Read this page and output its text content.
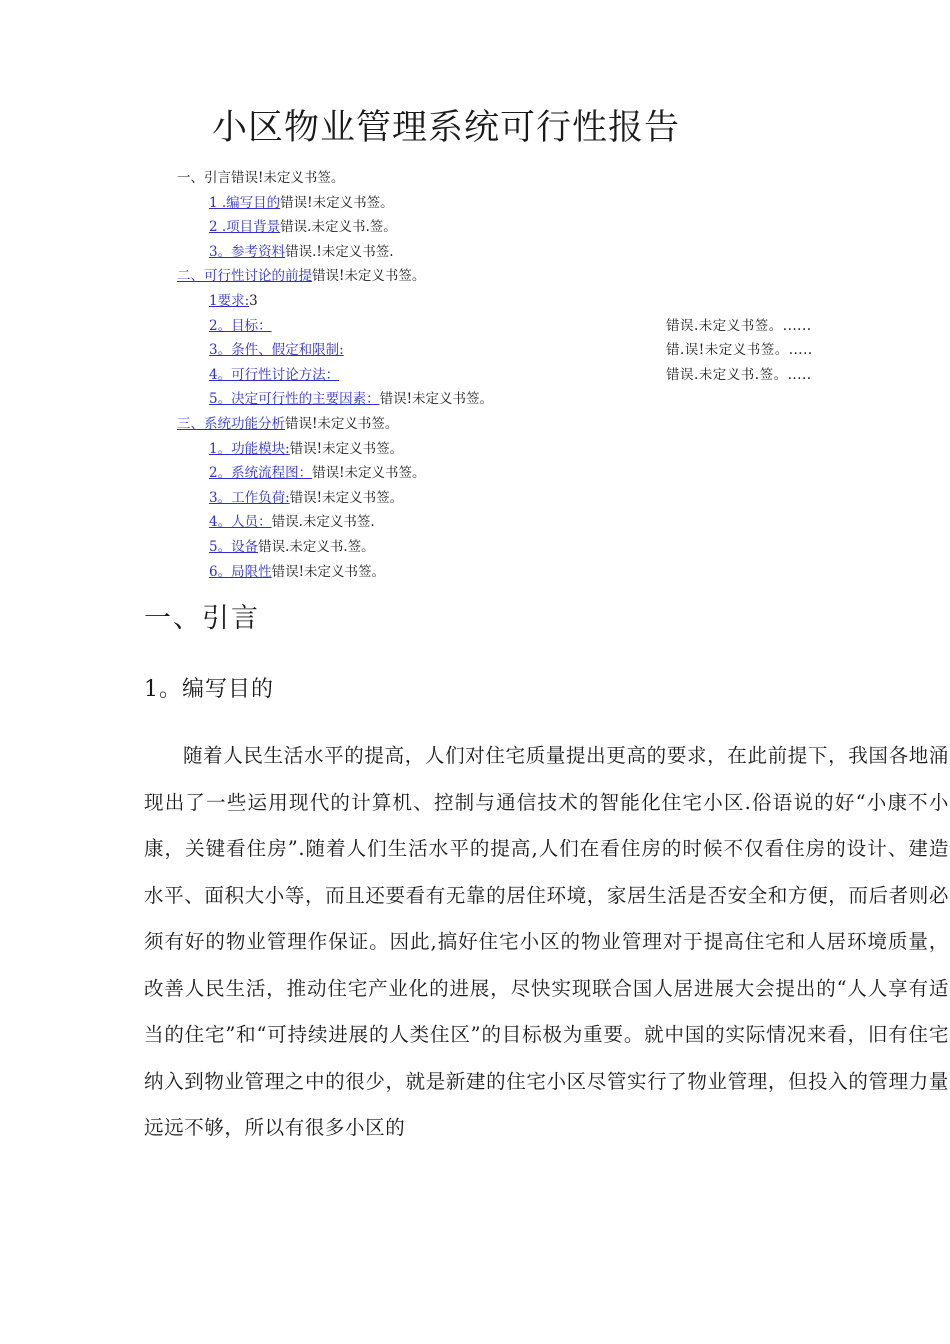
小区物业管理系统可行性报告
一、引言错误!未定义书签。
1 .编写目的错误!未定义书签。
2 .项目背景错误.未定义书.签。
3。参考资料错误.!未定义书签.
二、可行性讨论的前提错误!未定义书签。
1要求:3
2。目标：	错误.未定义书签。......
3。条件、假定和限制:	错.误!未定义书签。.....
4。可行性讨论方法：	错误.未定义书.签。.....
5。决定可行性的主要因素：错误!未定义书签。
三、系统功能分析错误!未定义书签。
1。功能模块:错误!未定义书签。
2。系统流程图：错误!未定义书签。
3。工作负荷:错误!未定义书签。
4。人员：错误.未定义书签.
5。设备错误.未定义书.签。
6。局限性错误!未定义书签。
一、引言
1。编写目的
随着人民生活水平的提高，人们对住宅质量提出更高的要求，在此前提下，我国各地涌现出了一些运用现代的计算机、控制与通信技术的智能化住宅小区.俗语说的好“小康不小康，关键看住房”.随着人们生活水平的提高,人们在看住房的时候不仅看住房的设计、建造水平、面积大小等，而且还要看有无靠的居住环境，家居生活是否安全和方便，而后者则必须有好的物业管理作保证。因此,搞好住宅小区的物业管理对于提高住宅和人居环境质量，改善人民生活，推动住宅产业化的进展，尽快实现联合国人居进展大会提出的“人人享有适当的住宅”和“可持续进展的人类住区”的目标极为重要。就中国的实际情况来看，旧有住宅纳入到物业管理之中的很少，就是新建的住宅小区尽管实行了物业管理，但投入的管理力量远远不够，所以有很多小区的
